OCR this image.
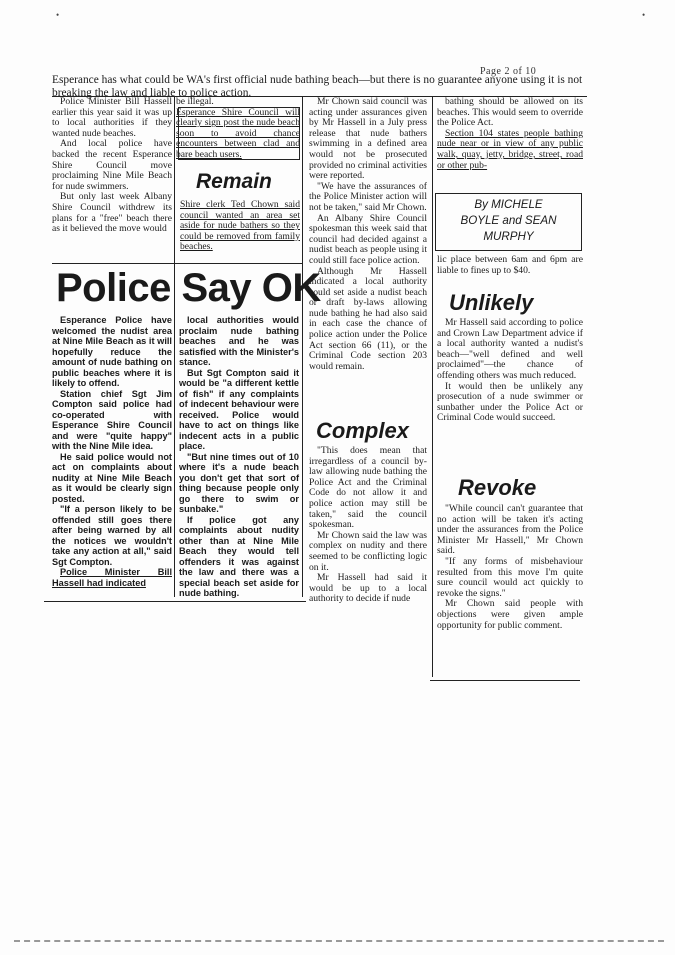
•	•
Page 2 of 10
Esperance has what could be WA's first official nude bathing beach—but there is no guarantee anyone using it is not breaking the law and liable to police action.

Police Minister Bill Hassell earlier this year said it was up to local authorities if they wanted nude beaches.

And local police have backed the recent Esperance Shire Council move proclaiming Nine Mile Beach for nude swimmers.

But only last week Albany Shire Council withdrew its plans for a "free" beach there as it believed the move would

be illegal.

Esperance Shire Council will clearly sign post the nude beach soon to avoid chance encounters between clad and bare beach users.

Remain
Shire clerk Ted Chown said council wanted an area set aside for nude bathers so they could be removed from family beaches.
Police Say OK

Esperance Police have welcomed the nudist area at Nine Mile Beach as it will hopefully reduce the amount of nude bathing on public beaches where it is likely to offend.

Station chief Sgt Jim Compton said police had co-operated with Esperance Shire Council and were "quite happy" with the Nine Mile idea.

He said police would not act on complaints about nudity at Nine Mile Beach as it would be clearly sign posted.

"If a person likely to be offended still goes there after being warned by all the notices we wouldn't take any action at all," said Sgt Compton.

Police Minister Bill Hassell had indicated

local authorities would proclaim nude bathing beaches and he was satisfied with the Minister's stance.

But Sgt Compton said it would be "a different kettle of fish" if any complaints of indecent behaviour were received. Police would have to act on things like indecent acts in a public place.

"But nine times out of 10 where it's a nude beach you don't get that sort of thing because people only go there to swim or sunbake."

If police got any complaints about nudity other than at Nine Mile Beach they would tell offenders it was against the law and there was a special beach set aside for nude bathing.

Mr Chown said council was acting under assurances given by Mr Hassell in a July press release that nude bathers swimming in a defined area would not be prosecuted provided no criminal activities were reported.

"We have the assurances of the Police Minister action will not be taken," said Mr Chown.

An Albany Shire Council spokesman this week said that council had decided against a nudist beach as people using it could still face police action.

Although Mr Hassell indicated a local authority could set aside a nudist beach or draft by-laws allowing nude bathing he had also said in each case the chance of police action under the Police Act section 66 (11), or the Criminal Code section 203 would remain.

Complex

"This does mean that irregardless of a council by-law allowing nude bathing the Police Act and the Criminal Code do not allow it and police action may still be taken," said the council spokesman.

Mr Chown said the law was complex on nudity and there seemed to be conflicting logic on it.

Mr Hassell had said it would be up to a local authority to decide if nude

bathing should be allowed on its beaches. This would seem to override the Police Act.

Section 104 states people bathing nude near or in view of any public walk, quay, jetty, bridge, street, road or other pub-

By MICHELE
BOYLE and SEAN
MURPHY

lic place between 6am and 6pm are liable to fines up to $40.

Unlikely

Mr Hassell said according to police and Crown Law Department advice if a local authority wanted a nudist's beach—"well defined and well proclaimed"—the chance of offending others was much reduced.

It would then be unlikely any prosecution of a nude swimmer or sunbather under the Police Act or Criminal Code would succeed.

Revoke

"While council can't guarantee that no action will be taken it's acting under the assurances from the Police Minister Mr Hassell," Mr Chown said.

"If any forms of misbehaviour resulted from this move I'm quite sure council would act quickly to revoke the signs."

Mr Chown said people with objections were given ample opportunity for public comment.
